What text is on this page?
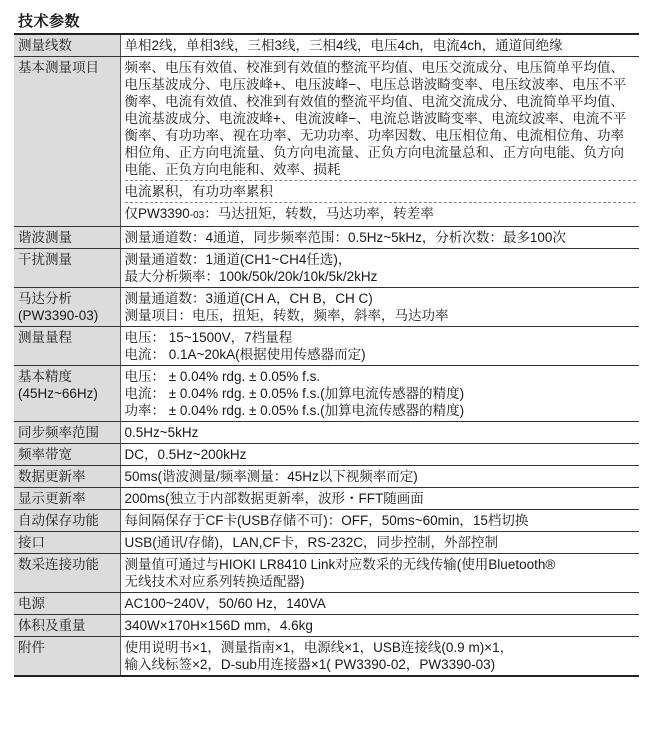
技术参数
测量线数	单相2线，单相3线，三相3线，三相4线，电压4ch，电流4ch，通道间绝缘

基本测量项目	频率、电压有效值、校准到有效值的整流平均值、电压交流成分、电压简单平均值、电压基波成分、电压波峰+、电压波峰−、电压总谐波畸变率、电压纹波率、电压不平衡率、电流有效值、校准到有效值的整流平均值、电流交流成分、电流简单平均值、电流基波成分、电流波峰+、电流波峰−、电流总谐波畸变率、电流纹波率、电流不平衡率、有功功率、视在功率、无功功率、功率因数、电压相位角、电流相位角、功率相位角、正方向电流量、负方向电流量、正负方向电流量总和、正方向电能、负方向电能、正负方向电能和、效率、损耗
电流累积，有功功率累积
仅PW3390-03：马达扭矩，转数，马达功率，转差率

谐波测量	测量通道数：4通道，同步频率范围：0.5Hz~5kHz，分析次数：最多100次

干扰测量	测量通道数：1通道(CH1~CH4任选)，
最大分析频率：100k/50k/20k/10k/5k/2kHz

马达分析
(PW3390-03)	测量通道数：3通道(CH A，CH B，CH C)
测量项目：电压，扭矩，转数，频率，斜率，马达功率

测量量程	电压： 15~1500V，7档量程
电流： 0.1A~20kA(根据使用传感器而定)

基本精度
(45Hz~66Hz)	电压： ± 0.04% rdg. ± 0.05% f.s.
电流： ± 0.04% rdg. ± 0.05% f.s.(加算电流传感器的精度)
功率： ± 0.04% rdg. ± 0.05% f.s.(加算电流传感器的精度)

同步频率范围	0.5Hz~5kHz

频率带宽	DC，0.5Hz~200kHz

数据更新率	50ms(谐波测量/频率测量：45Hz以下视频率而定)

显示更新率	200ms(独立于内部数据更新率，波形・FFT随画面

自动保存功能	每间隔保存于CF卡(USB存储不可)：OFF，50ms~60min，15档切换

接口	USB(通讯/存储)，LAN,CF卡，RS-232C，同步控制，外部控制

数采连接功能	测量值可通过与HIOKI LR8410 Link对应数采的无线传输(使用Bluetooth®
无线技术对应系列转换适配器)

电源	AC100~240V，50/60 Hz，140VA

体积及重量	340W×170H×156D mm，4.6kg

附件	使用说明书×1，测量指南×1，电源线×1，USB连接线(0.9 m)×1，
输入线标签×2，D-sub用连接器×1( PW3390-02，PW3390-03)
